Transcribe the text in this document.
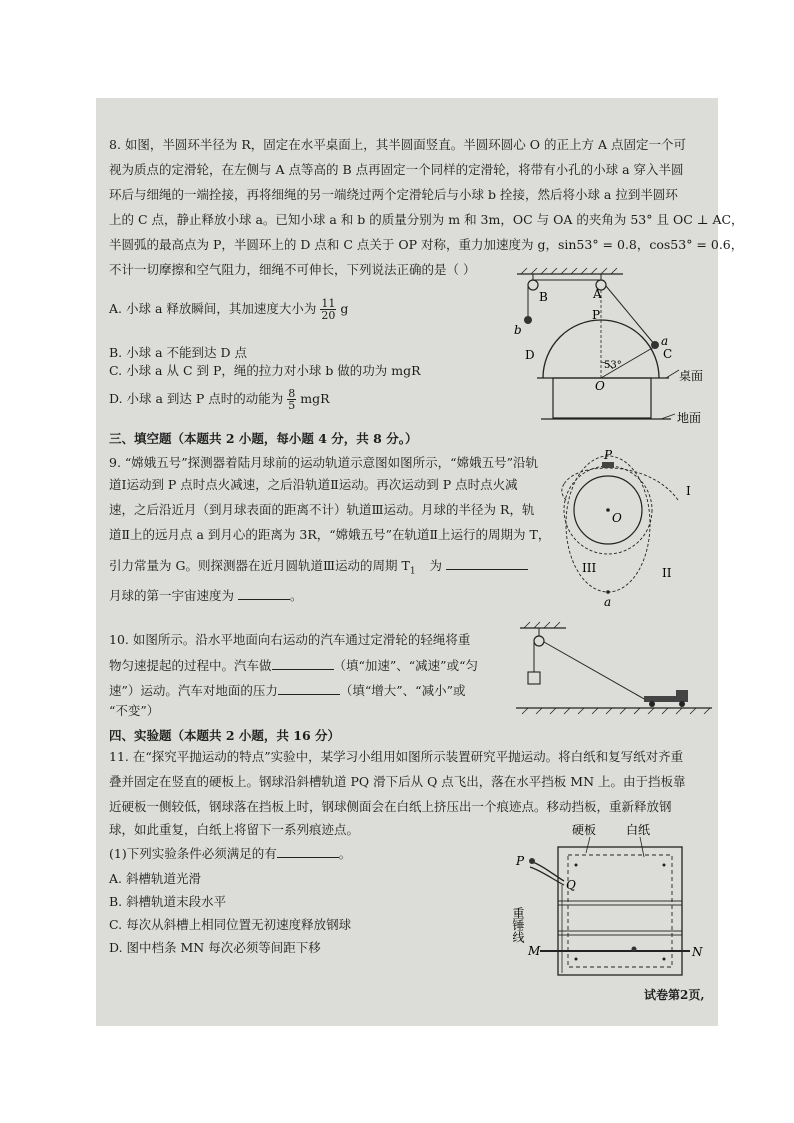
8. 如图，半圆环半径为 R，固定在水平桌面上，其半圆面竖直。半圆环圆心 O 的正上方 A 点固定一个可

视为质点的定滑轮，在左侧与 A 点等高的 B 点再固定一个同样的定滑轮，将带有小孔的小球 a 穿入半圆

环后与细绳的一端拴接，再将细绳的另一端绕过两个定滑轮后与小球 b 拴接，然后将小球 a 拉到半圆环

上的 C 点，静止释放小球 a。已知小球 a 和 b 的质量分别为 m 和 3m，OC 与 OA 的夹角为 53° 且 OC ⊥ AC，

半圆弧的最高点为 P，半圆环上的 D 点和 C 点关于 OP 对称，重力加速度为 g，sin53° = 0.8，cos53° = 0.6，

不计一切摩擦和空气阻力，细绳不可伸长，下列说法正确的是（ ）

A. 小球 a 释放瞬间，其加速度大小为 $\frac{11}{20}$ g

B. 小球 a 不能到达 D 点

C. 小球 a 从 C 到 P，绳的拉力对小球 b 做的功为 mgR

D. 小球 a 到达 P 点时的动能为 $\frac{8}{5}$ mgR
B	A
b
P
a
C
D
O
53°
桌面
地面

三、填空题（本题共 2 小题，每小题 4 分，共 8 分。）

9. “嫦娥五号”探测器着陆月球前的运动轨道示意图如图所示，“嫦娥五号”沿轨

道Ⅰ运动到 P 点时点火减速，之后沿轨道Ⅱ运动。再次运动到 P 点时点火减

速，之后沿近月（到月球表面的距离不计）轨道Ⅲ运动。月球的半径为 R，轨

道Ⅱ上的远月点 a 到月心的距离为 3R，“嫦娥五号”在轨道Ⅱ上运行的周期为 T，

引力常量为 G。则探测器在近月圆轨道Ⅲ运动的周期 $T_1$ 为
月球的第一宇宙速度为	。
P
I
O
III	II
a

10. 如图所示。沿水平地面向右运动的汽车通过定滑轮的轻绳将重

物匀速提起的过程中。汽车做	（填“加速”、“减速”或“匀
速”）运动。汽车对地面的压力	（填“增大”、“减小”或

“不变”）

四、实验题（本题共 2 小题，共 16 分）

11. 在“探究平抛运动的特点”实验中，某学习小组用如图所示装置研究平抛运动。将白纸和复写纸对齐重

叠并固定在竖直的硬板上。钢球沿斜槽轨道 PQ 滑下后从 Q 点飞出，落在水平挡板 MN 上。由于挡板靠

近硬板一侧较低，钢球落在挡板上时，钢球侧面会在白纸上挤压出一个痕迹点。移动挡板，重新释放钢

球，如此重复，白纸上将留下一系列痕迹点。

(1)下列实验条件必须满足的有	。

A. 斜槽轨道光滑

B. 斜槽轨道末段水平

C. 每次从斜槽上相同位置无初速度释放钢球

D. 图中档条 MN 每次必须等间距下移

硬板 白纸
P
Q
重锤线
M	N

试卷第2页,
